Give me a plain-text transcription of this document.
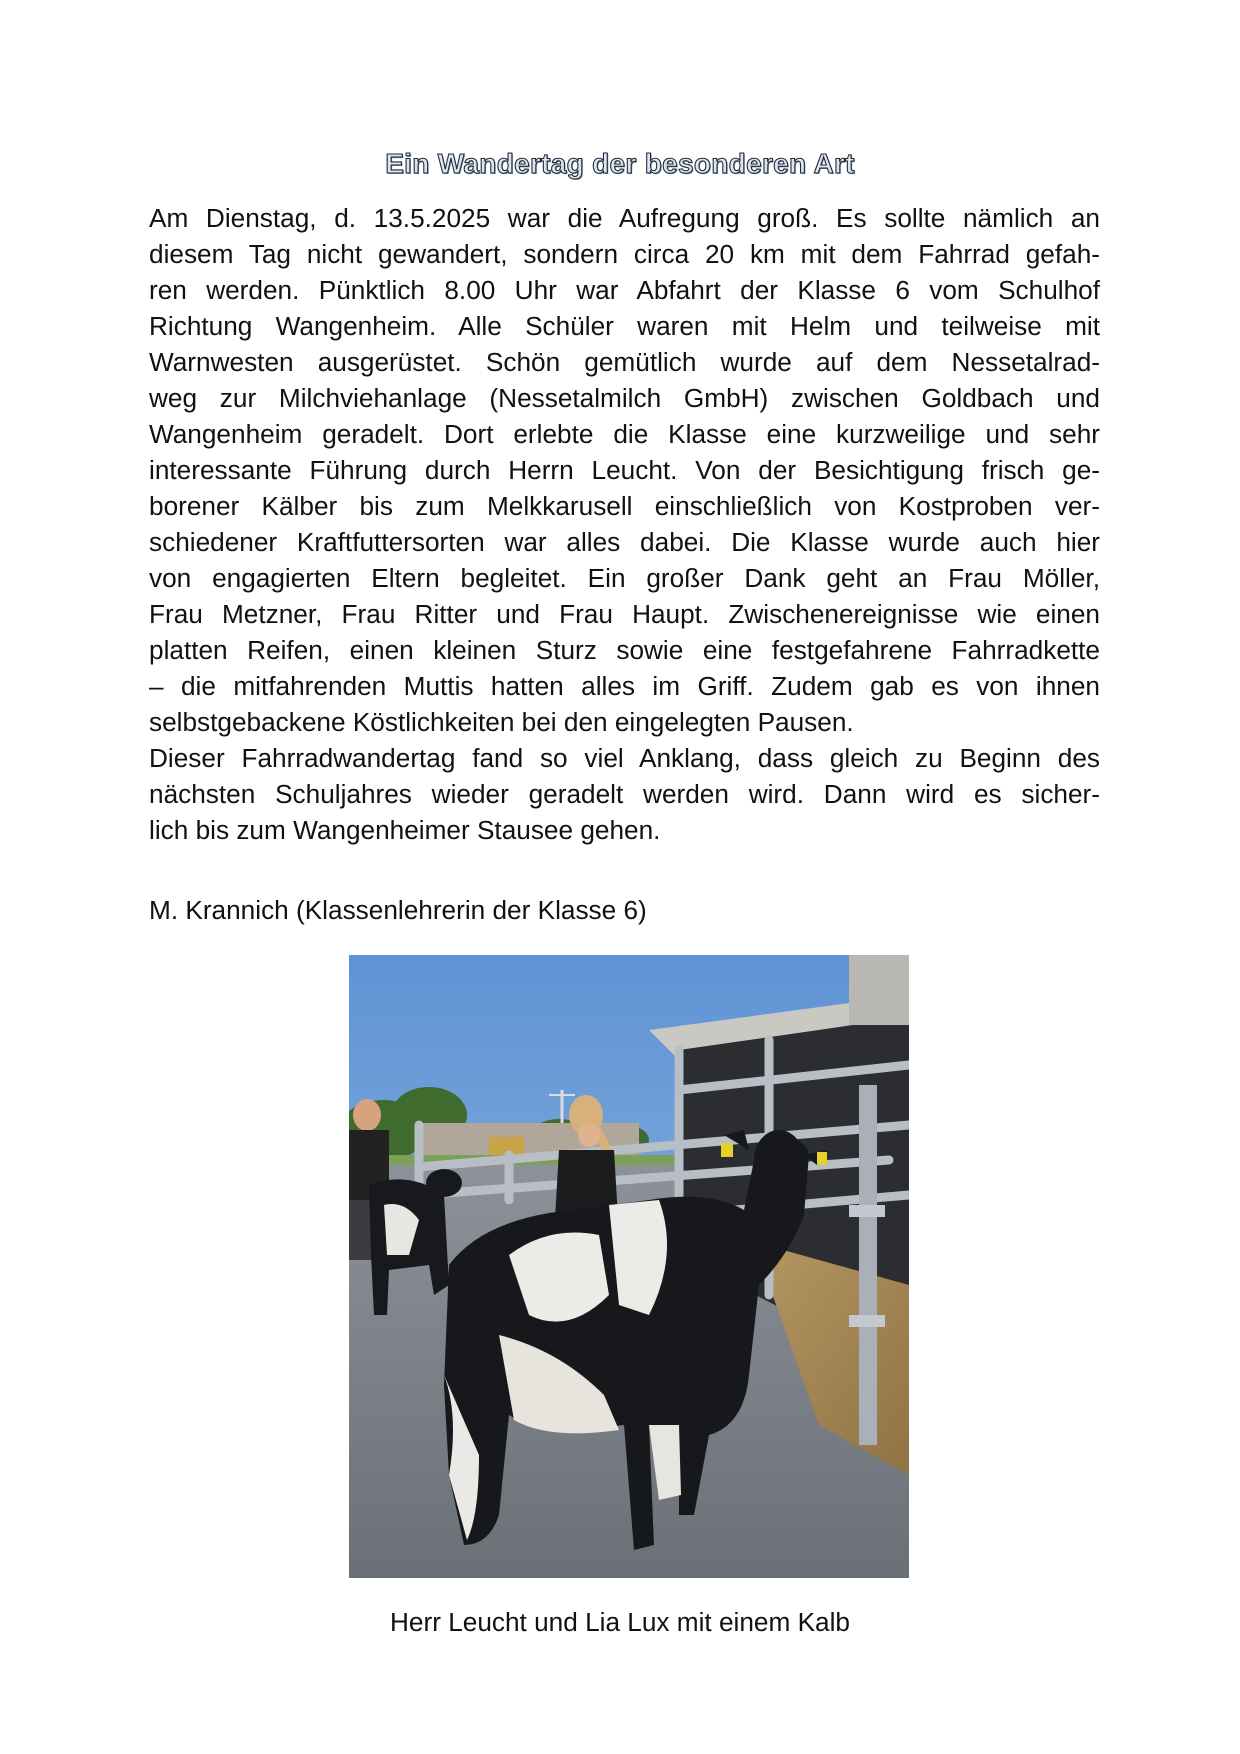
Ein Wandertag der besonderen Art
Am Dienstag, d. 13.5.2025 war die Aufregung groß. Es sollte nämlich an
diesem Tag nicht gewandert, sondern circa 20 km mit dem Fahrrad gefah-
ren werden. Pünktlich 8.00 Uhr war Abfahrt der Klasse 6 vom Schulhof
Richtung Wangenheim. Alle Schüler waren mit Helm und teilweise mit
Warnwesten ausgerüstet. Schön gemütlich wurde auf dem Nessetalrad-
weg zur Milchviehanlage (Nessetalmilch GmbH) zwischen Goldbach und
Wangenheim geradelt. Dort erlebte die Klasse eine kurzweilige und sehr
interessante Führung durch Herrn Leucht. Von der Besichtigung frisch ge-
borener Kälber bis zum Melkkarusell einschließlich von Kostproben ver-
schiedener Kraftfuttersorten war alles dabei. Die Klasse wurde auch hier
von engagierten Eltern begleitet. Ein großer Dank geht an Frau Möller,
Frau Metzner, Frau Ritter und Frau Haupt. Zwischenereignisse wie einen
platten Reifen, einen kleinen Sturz sowie eine festgefahrene Fahrradkette
– die mitfahrenden Muttis hatten alles im Griff. Zudem gab es von ihnen
selbstgebackene Köstlichkeiten bei den eingelegten Pausen.
Dieser Fahrradwandertag fand so viel Anklang, dass gleich zu Beginn des
nächsten Schuljahres wieder geradelt werden wird. Dann wird es sicher-
lich bis zum Wangenheimer Stausee gehen.
M. Krannich (Klassenlehrerin der Klasse 6)
Herr Leucht und Lia Lux mit einem Kalb
